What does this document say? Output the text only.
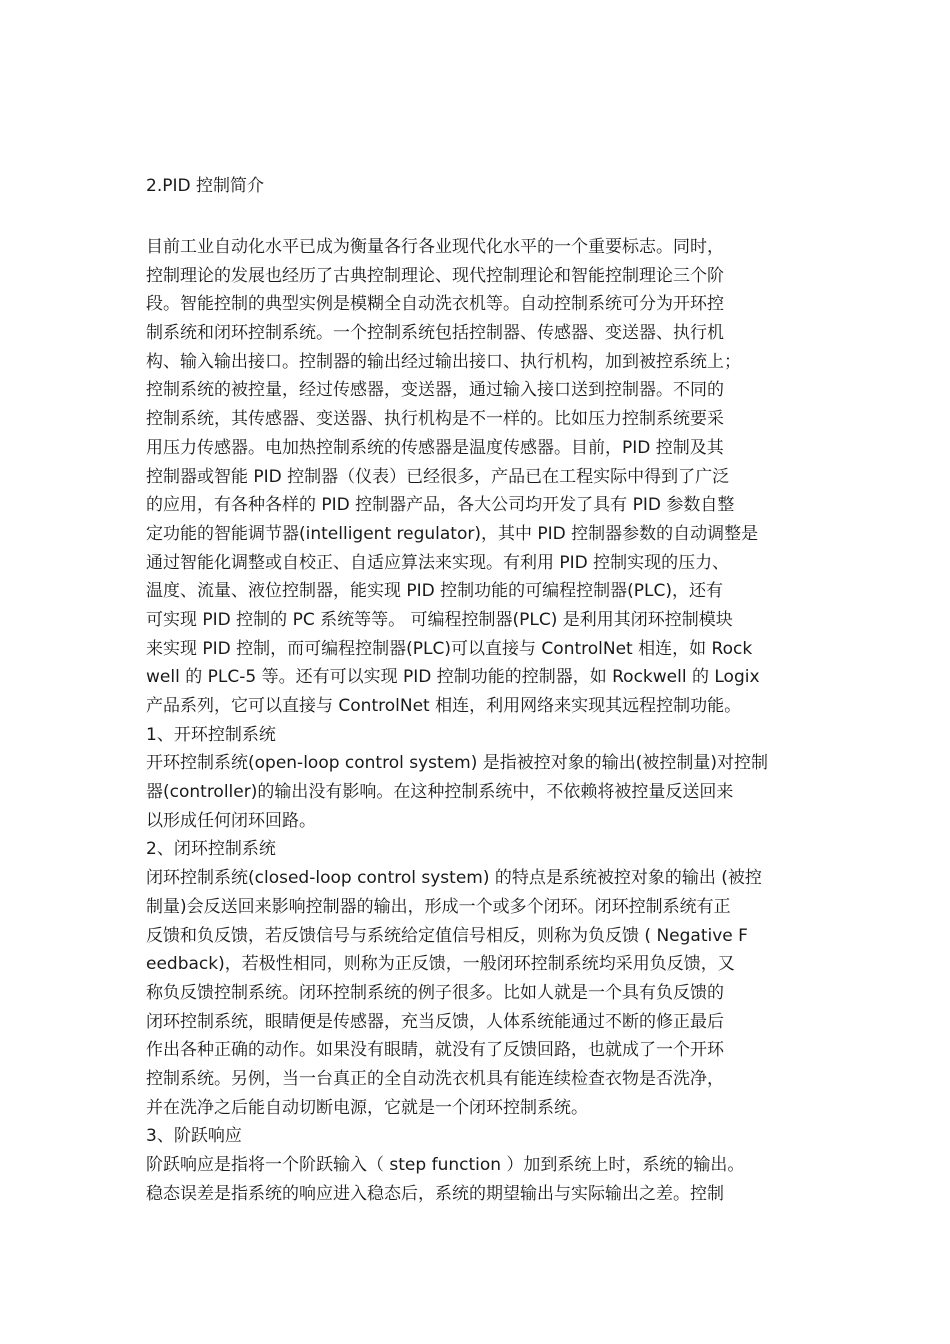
2.PID 控制简介
目前工业自动化水平已成为衡量各行各业现代化水平的一个重要标志。同时，
控制理论的发展也经历了古典控制理论、现代控制理论和智能控制理论三个阶
段。智能控制的典型实例是模糊全自动洗衣机等。自动控制系统可分为开环控
制系统和闭环控制系统。一个控制系统包括控制器、传感器、变送器、执行机
构、输入输出接口。控制器的输出经过输出接口、执行机构，加到被控系统上；
控制系统的被控量，经过传感器，变送器，通过输入接口送到控制器。不同的
控制系统，其传感器、变送器、执行机构是不一样的。比如压力控制系统要采
用压力传感器。电加热控制系统的传感器是温度传感器。目前，PID 控制及其
控制器或智能 PID 控制器（仪表）已经很多，产品已在工程实际中得到了广泛
的应用，有各种各样的 PID 控制器产品，各大公司均开发了具有 PID 参数自整
定功能的智能调节器(intelligent regulator)，其中 PID 控制器参数的自动调整是
通过智能化调整或自校正、自适应算法来实现。有利用 PID 控制实现的压力、
温度、流量、液位控制器，能实现 PID 控制功能的可编程控制器(PLC)，还有
可实现 PID 控制的 PC 系统等等。 可编程控制器(PLC) 是利用其闭环控制模块
来实现 PID 控制，而可编程控制器(PLC)可以直接与 ControlNet 相连，如 Rock
well 的 PLC-5 等。还有可以实现 PID 控制功能的控制器，如 Rockwell 的 Logix
产品系列，它可以直接与 ControlNet 相连，利用网络来实现其远程控制功能。
1、开环控制系统
开环控制系统(open-loop control system) 是指被控对象的输出(被控制量)对控制
器(controller)的输出没有影响。在这种控制系统中，不依赖将被控量反送回来
以形成任何闭环回路。
2、闭环控制系统
闭环控制系统(closed-loop control system) 的特点是系统被控对象的输出 (被控
制量)会反送回来影响控制器的输出，形成一个或多个闭环。闭环控制系统有正
反馈和负反馈，若反馈信号与系统给定值信号相反，则称为负反馈 ( Negative F
eedback)，若极性相同，则称为正反馈，一般闭环控制系统均采用负反馈，又
称负反馈控制系统。闭环控制系统的例子很多。比如人就是一个具有负反馈的
闭环控制系统，眼睛便是传感器，充当反馈，人体系统能通过不断的修正最后
作出各种正确的动作。如果没有眼睛，就没有了反馈回路，也就成了一个开环
控制系统。另例，当一台真正的全自动洗衣机具有能连续检查衣物是否洗净，
并在洗净之后能自动切断电源，它就是一个闭环控制系统。
3、阶跃响应
阶跃响应是指将一个阶跃输入（ step function ）加到系统上时，系统的输出。
稳态误差是指系统的响应进入稳态后，系统的期望输出与实际输出之差。控制
